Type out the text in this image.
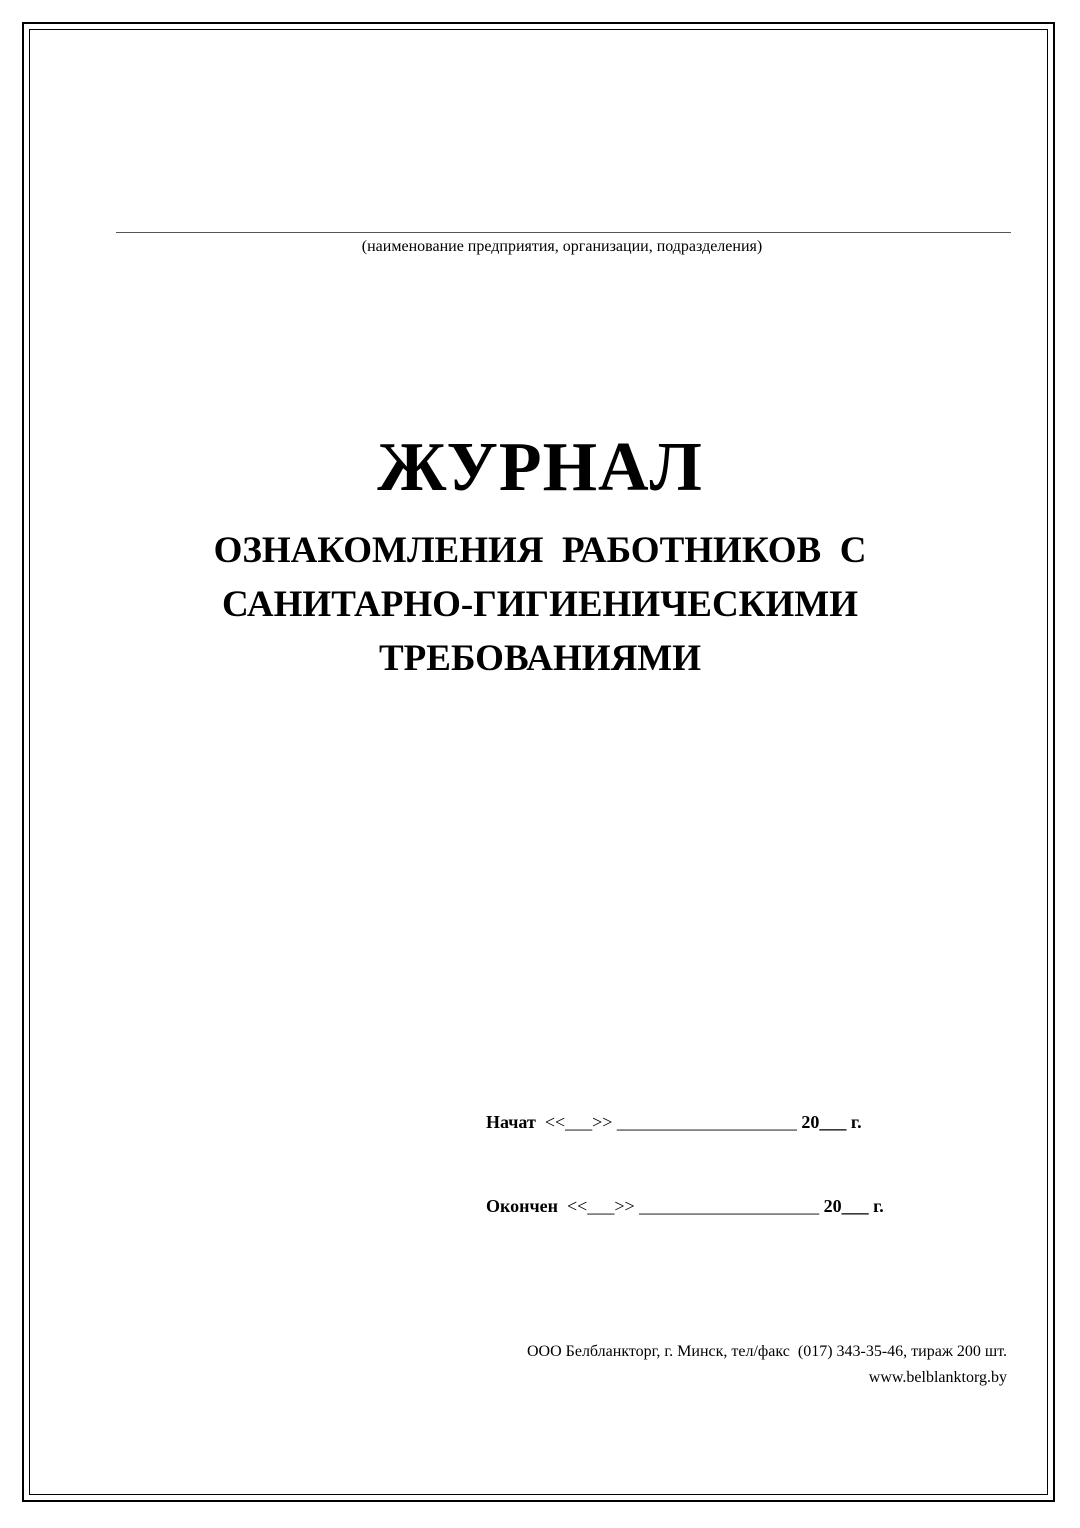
(наименование предприятия, организации, подразделения)
ЖУРНАЛ
ОЗНАКОМЛЕНИЯ  РАБОТНИКОВ  С
САНИТАРНО-ГИГИЕНИЧЕСКИМИ
ТРЕБОВАНИЯМИ
Начат  <<___>> ____________________ 20___ г.
Окончен  <<___>> ____________________ 20___ г.
ООО Белбланкторг, г. Минск, тел/факс  (017) 343-35-46, тираж 200 шт.
www.belblanktorg.by
